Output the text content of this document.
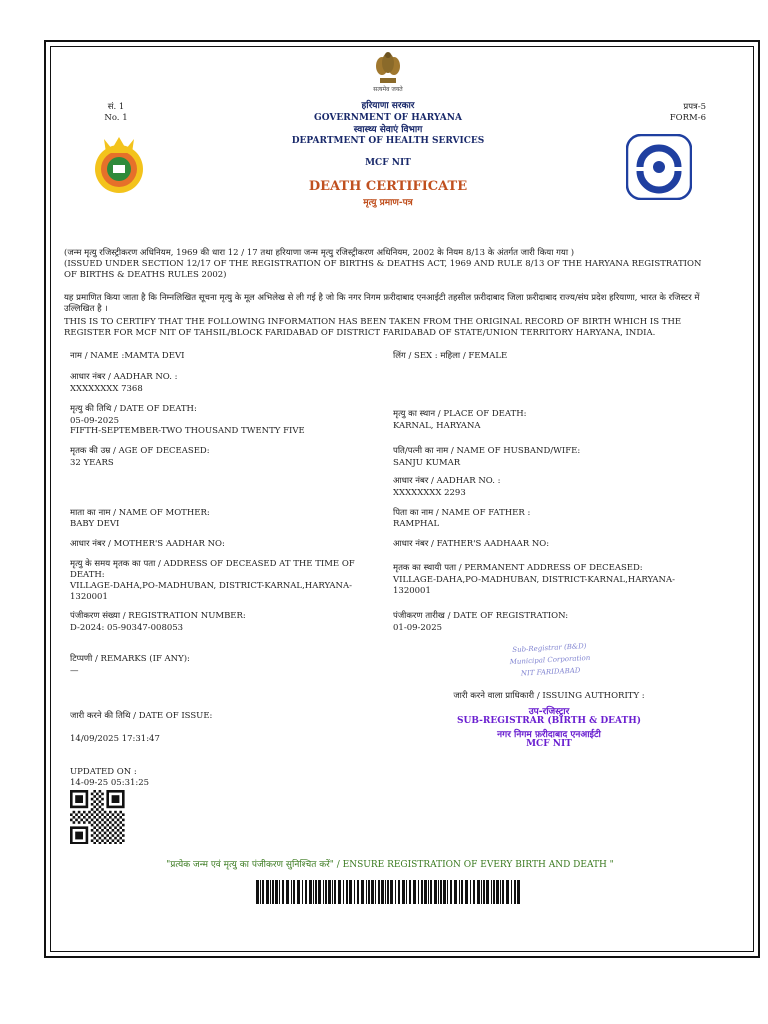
सत्यमेव जयते
सं. 1
No. 1
हरियाणा सरकार
GOVERNMENT OF HARYANA
स्वास्थ्य सेवाएं विभाग
DEPARTMENT OF HEALTH SERVICES
प्रपत्र-5
FORM-6
MCF NIT
DEATH CERTIFICATE
मृत्यु प्रमाण-पत्र
(जन्म मृत्यु रजिस्ट्रीकरण अधिनियम, 1969 की धारा 12 / 17 तथा हरियाणा जन्म मृत्यु रजिस्ट्रीकरण अधिनियम, 2002 के नियम 8/13 के अंतर्गत जारी किया गया )
(ISSUED UNDER SECTION 12/17 OF THE REGISTRATION OF BIRTHS & DEATHS ACT, 1969 AND RULE 8/13 OF THE HARYANA REGISTRATION OF BIRTHS & DEATHS RULES 2002)
यह प्रमाणित किया जाता है कि निम्नलिखित सूचना मृत्यु के मूल अभिलेख से ली गई है जो कि नगर निगम फ़रीदाबाद एनआईटी तहसील फ़रीदाबाद जिला फ़रीदाबाद राज्य/संघ प्रदेश हरियाणा, भारत के रजिस्टर में उल्लिखित है ।
THIS IS TO CERTIFY THAT THE FOLLOWING INFORMATION HAS BEEN TAKEN FROM THE ORIGINAL RECORD OF BIRTH WHICH IS THE REGISTER FOR MCF NIT OF TAHSIL/BLOCK FARIDABAD OF DISTRICT FARIDABAD OF STATE/UNION TERRITORY HARYANA, INDIA.
नाम / NAME :MAMTA DEVI	लिंग / SEX : महिला / FEMALE
आधार नंबर / AADHAR NO. :
XXXXXXXX 7368
मृत्यु की तिथि / DATE OF DEATH:
05-09-2025
FIFTH-SEPTEMBER-TWO THOUSAND TWENTY FIVE
मृत्यु का स्थान / PLACE OF DEATH:
KARNAL, HARYANA
मृतक की उम्र / AGE OF DECEASED:
32 YEARS
पति/पत्नी का नाम / NAME OF HUSBAND/WIFE:
SANJU KUMAR
आधार नंबर / AADHAR NO. :
XXXXXXXX 2293
माता का नाम / NAME OF MOTHER:
BABY DEVI
पिता का नाम / NAME OF FATHER :
RAMPHAL
आधार नंबर / MOTHER'S AADHAR NO:	आधार नंबर / FATHER'S AADHAAR NO:
मृत्यु के समय मृतक का पता / ADDRESS OF DECEASED AT THE TIME OF DEATH:
VILLAGE-DAHA,PO-MADHUBAN, DISTRICT-KARNAL,HARYANA-1320001
मृतक का स्थायी पता / PERMANENT ADDRESS OF DECEASED:
VILLAGE-DAHA,PO-MADHUBAN, DISTRICT-KARNAL,HARYANA-1320001
पंजीकरण संख्या / REGISTRATION NUMBER:
D-2024: 05-90347-008053
पंजीकरण तारीख / DATE OF REGISTRATION:
01-09-2025
टिप्पणी / REMARKS (IF ANY):
—
Sub-Registrar (B&D)
Municipal Corporation
NIT FARIDABAD
जारी करने वाला प्राधिकारी / ISSUING AUTHORITY :
उप-रजिस्ट्रार
SUB-REGISTRAR (BIRTH & DEATH)
नगर निगम फ़रीदाबाद एनआईटी
MCF NIT
जारी करने की तिथि / DATE OF ISSUE:
14/09/2025 17:31:47
UPDATED ON :
14-09-25 05:31:25
"प्रत्येक जन्म एवं मृत्यु का पंजीकरण सुनिश्चित करें" / ENSURE REGISTRATION OF EVERY BIRTH AND DEATH "
